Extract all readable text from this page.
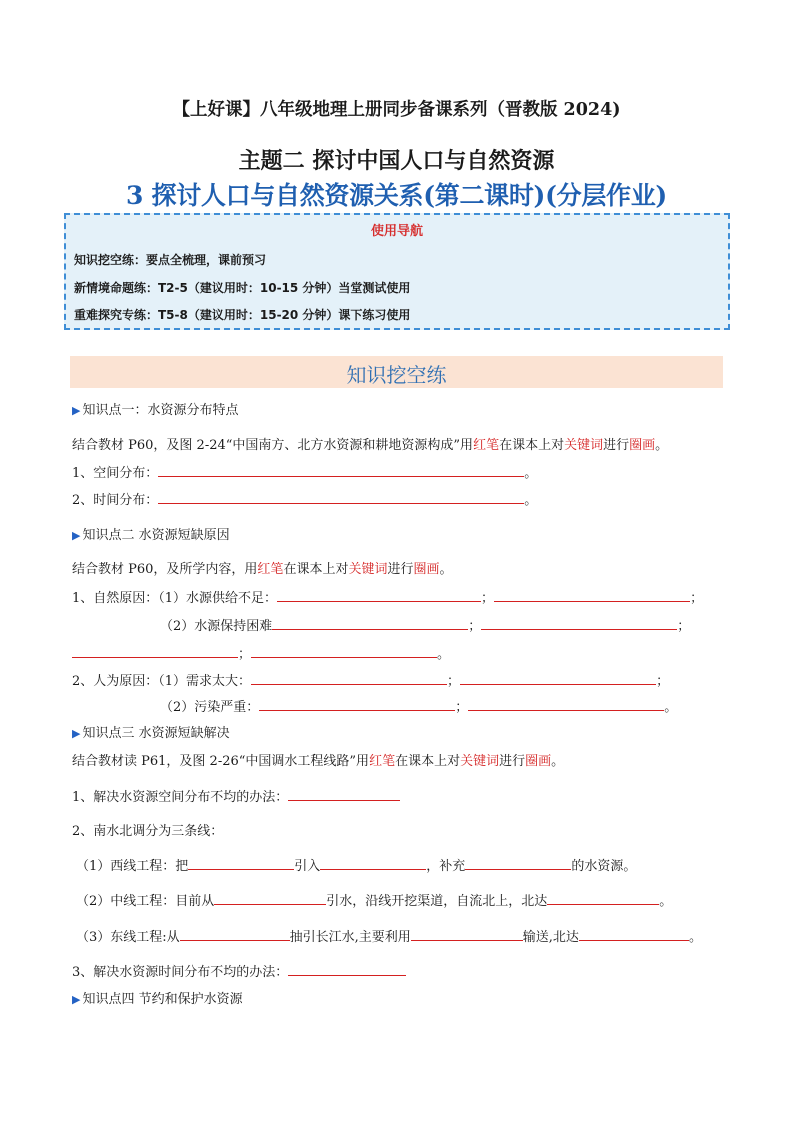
【上好课】八年级地理上册同步备课系列（晋教版 2024)
主题二 探讨中国人口与自然资源
3 探讨人口与自然资源关系(第二课时)(分层作业)
使用导航
知识挖空练：要点全梳理，课前预习
新情境命题练：T2-5（建议用时：10-15 分钟）当堂测试使用
重难探究专练：T5-8（建议用时：15-20 分钟）课下练习使用
知识挖空练
▶ 知识点一：水资源分布特点
结合教材 P60，及图 2-24“中国南方、北方水资源和耕地资源构成”用红笔在课本上对关键词进行圈画。
1、空间分布：	。
2、时间分布：	。
▶ 知识点二 水资源短缺原因
结合教材 P60，及所学内容，用红笔在课本上对关键词进行圈画。
1、自然原因：（1）水源供给不足：	；	；
（2）水源保持困难	；	；
；	。
2、人为原因：（1）需求太大：	；	；
（2）污染严重：	；	。
▶ 知识点三 水资源短缺解决
结合教材读 P61，及图 2-26“中国调水工程线路”用红笔在课本上对关键词进行圈画。
1、解决水资源空间分布不均的办法：
2、南水北调分为三条线：
（1）西线工程：把	引入	，补充	的水资源。
（2）中线工程：目前从	引水，沿线开挖渠道，自流北上，北达	。
（3）东线工程:从	抽引长江水,主要利用	输送,北达	。
3、解决水资源时间分布不均的办法：
▶ 知识点四 节约和保护水资源
